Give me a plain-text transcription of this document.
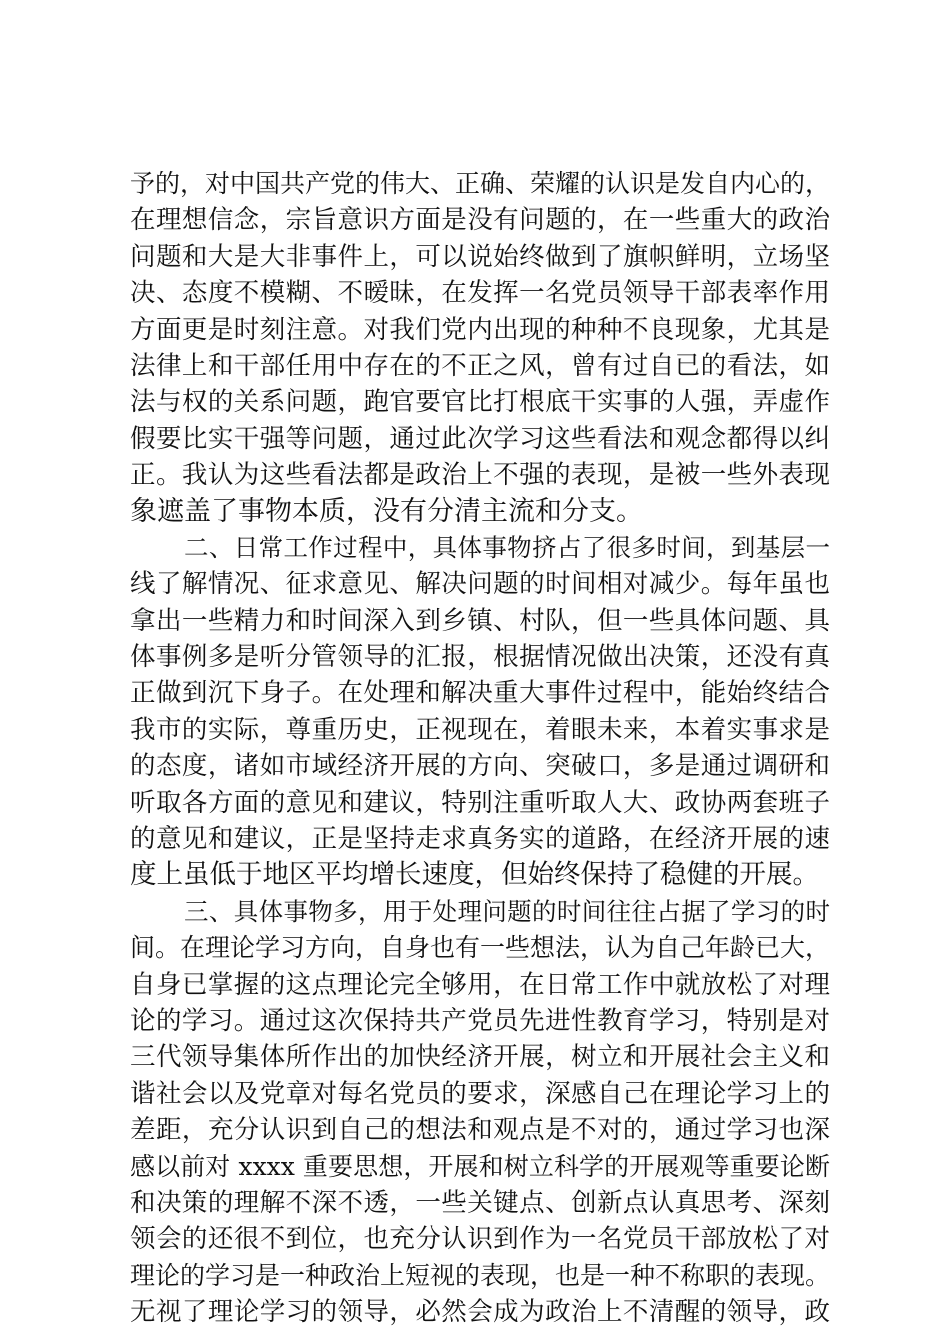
予的，对中国共产党的伟大、正确、荣耀的认识是发自内心的，
在理想信念，宗旨意识方面是没有问题的，在一些重大的政治
问题和大是大非事件上，可以说始终做到了旗帜鲜明，立场坚
决、态度不模糊、不暧昧，在发挥一名党员领导干部表率作用
方面更是时刻注意。对我们党内出现的种种不良现象，尤其是
法律上和干部任用中存在的不正之风，曾有过自已的看法，如
法与权的关系问题，跑官要官比打根底干实事的人强，弄虚作
假要比实干强等问题，通过此次学习这些看法和观念都得以纠
正。我认为这些看法都是政治上不强的表现，是被一些外表现
象遮盖了事物本质，没有分清主流和分支。
二、日常工作过程中，具体事物挤占了很多时间，到基层一
线了解情况、征求意见、解决问题的时间相对减少。每年虽也
拿出一些精力和时间深入到乡镇、村队，但一些具体问题、具
体事例多是听分管领导的汇报，根据情况做出决策，还没有真
正做到沉下身子。在处理和解决重大事件过程中，能始终结合
我市的实际，尊重历史，正视现在，着眼未来，本着实事求是
的态度，诸如市域经济开展的方向、突破口，多是通过调研和
听取各方面的意见和建议，特别注重听取人大、政协两套班子
的意见和建议，正是坚持走求真务实的道路，在经济开展的速
度上虽低于地区平均增长速度，但始终保持了稳健的开展。
三、具体事物多，用于处理问题的时间往往占据了学习的时
间。在理论学习方向，自身也有一些想法，认为自己年龄已大，
自身已掌握的这点理论完全够用，在日常工作中就放松了对理
论的学习。通过这次保持共产党员先进性教育学习，特别是对
三代领导集体所作出的加快经济开展，树立和开展社会主义和
谐社会以及党章对每名党员的要求，深感自己在理论学习上的
差距，充分认识到自己的想法和观点是不对的，通过学习也深
感以前对 xxxx 重要思想，开展和树立科学的开展观等重要论断
和决策的理解不深不透，一些关键点、创新点认真思考、深刻
领会的还很不到位，也充分认识到作为一名党员干部放松了对
理论的学习是一种政治上短视的表现，也是一种不称职的表现。
无视了理论学习的领导，必然会成为政治上不清醒的领导，政
